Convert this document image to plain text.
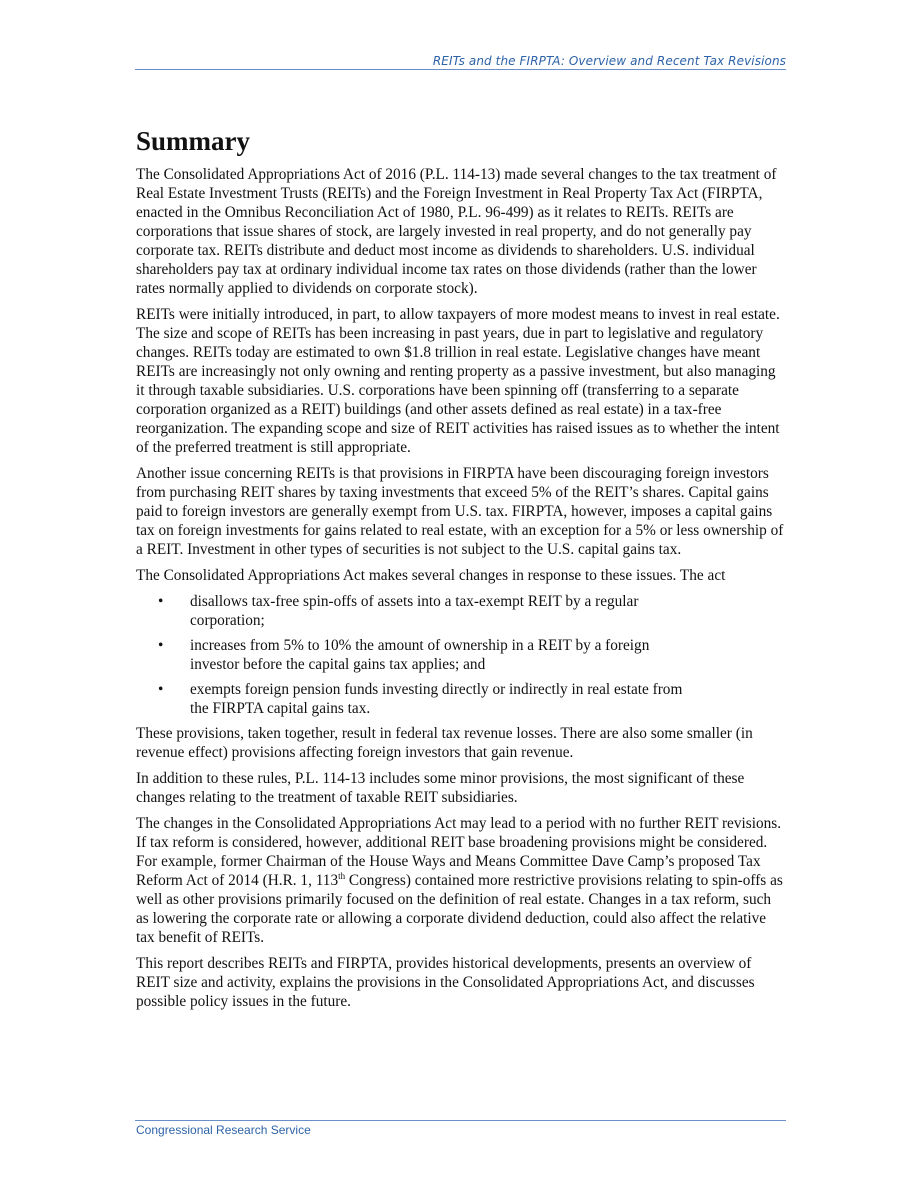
REITs and the FIRPTA: Overview and Recent Tax Revisions
Summary

The Consolidated Appropriations Act of 2016 (P.L. 114-13) made several changes to the tax treatment of Real Estate Investment Trusts (REITs) and the Foreign Investment in Real Property Tax Act (FIRPTA, enacted in the Omnibus Reconciliation Act of 1980, P.L. 96-499) as it relates to REITs. REITs are corporations that issue shares of stock, are largely invested in real property, and do not generally pay corporate tax. REITs distribute and deduct most income as dividends to shareholders. U.S. individual shareholders pay tax at ordinary individual income tax rates on those dividends (rather than the lower rates normally applied to dividends on corporate stock).

REITs were initially introduced, in part, to allow taxpayers of more modest means to invest in real estate. The size and scope of REITs has been increasing in past years, due in part to legislative and regulatory changes. REITs today are estimated to own $1.8 trillion in real estate. Legislative changes have meant REITs are increasingly not only owning and renting property as a passive investment, but also managing it through taxable subsidiaries. U.S. corporations have been spinning off (transferring to a separate corporation organized as a REIT) buildings (and other assets defined as real estate) in a tax-free reorganization. The expanding scope and size of REIT activities has raised issues as to whether the intent of the preferred treatment is still appropriate.

Another issue concerning REITs is that provisions in FIRPTA have been discouraging foreign investors from purchasing REIT shares by taxing investments that exceed 5% of the REIT’s shares. Capital gains paid to foreign investors are generally exempt from U.S. tax. FIRPTA, however, imposes a capital gains tax on foreign investments for gains related to real estate, with an exception for a 5% or less ownership of a REIT. Investment in other types of securities is not subject to the U.S. capital gains tax.

The Consolidated Appropriations Act makes several changes in response to these issues. The act

• disallows tax-free spin-offs of assets into a tax-exempt REIT by a regular corporation;
• increases from 5% to 10% the amount of ownership in a REIT by a foreign investor before the capital gains tax applies; and
• exempts foreign pension funds investing directly or indirectly in real estate from the FIRPTA capital gains tax.

These provisions, taken together, result in federal tax revenue losses. There are also some smaller (in revenue effect) provisions affecting foreign investors that gain revenue.

In addition to these rules, P.L. 114-13 includes some minor provisions, the most significant of these changes relating to the treatment of taxable REIT subsidiaries.

The changes in the Consolidated Appropriations Act may lead to a period with no further REIT revisions. If tax reform is considered, however, additional REIT base broadening provisions might be considered. For example, former Chairman of the House Ways and Means Committee Dave Camp’s proposed Tax Reform Act of 2014 (H.R. 1, 113th Congress) contained more restrictive provisions relating to spin-offs as well as other provisions primarily focused on the definition of real estate. Changes in a tax reform, such as lowering the corporate rate or allowing a corporate dividend deduction, could also affect the relative tax benefit of REITs.

This report describes REITs and FIRPTA, provides historical developments, presents an overview of REIT size and activity, explains the provisions in the Consolidated Appropriations Act, and discusses possible policy issues in the future.

Congressional Research Service
